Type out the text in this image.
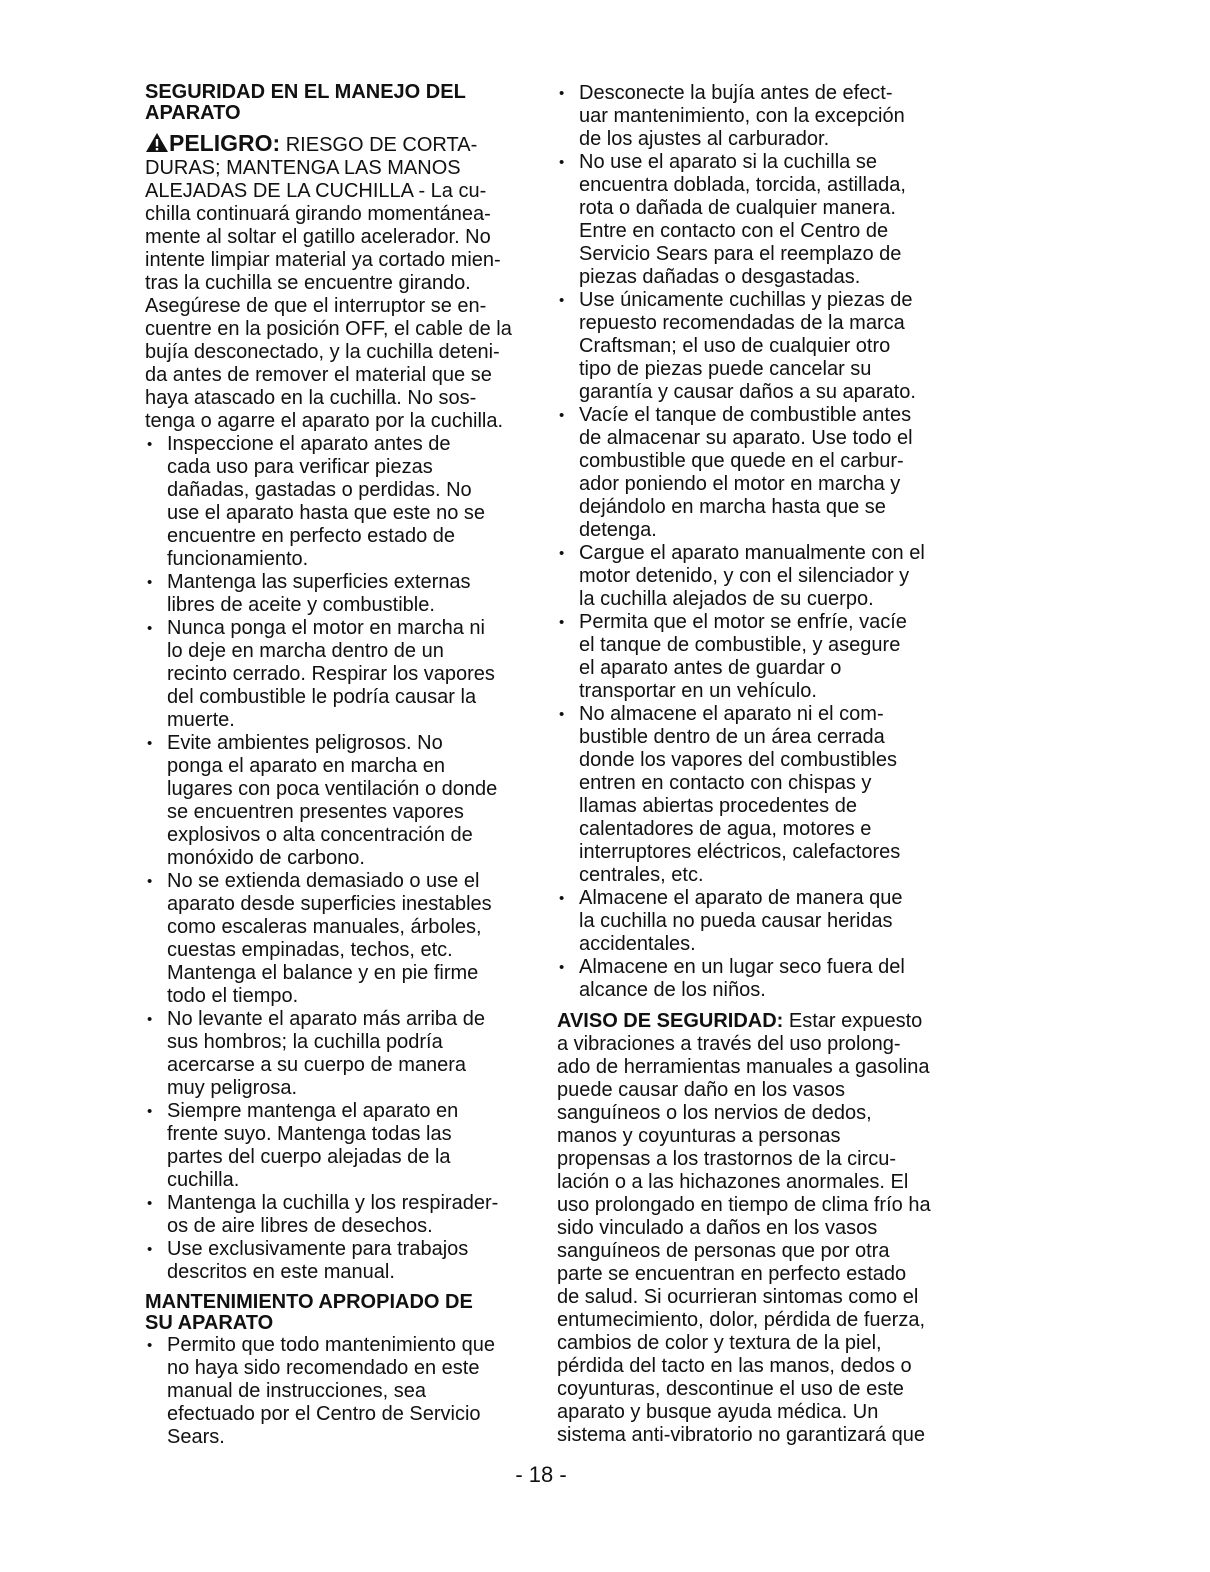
SEGURIDAD EN EL MANEJO DEL
APARATO

PELIGRO: RIESGO DE CORTA-
DURAS; MANTENGA LAS MANOS
ALEJADAS DE LA CUCHILLA - La cu-
chilla continuará girando momentánea-
mente al soltar el gatillo acelerador. No
intente limpiar material ya cortado mien-
tras la cuchilla se encuentre girando.
Asegúrese de que el interruptor se en-
cuentre en la posición OFF, el cable de la
bujía desconectado, y la cuchilla deteni-
da antes de remover el material que se
haya atascado en la cuchilla. No sos-
tenga o agarre el aparato por la cuchilla.

• Inspeccione el aparato antes de
cada uso para verificar piezas
dañadas, gastadas o perdidas. No
use el aparato hasta que este no se
encuentre en perfecto estado de
funcionamiento.
• Mantenga las superficies externas
libres de aceite y combustible.
• Nunca ponga el motor en marcha ni
lo deje en marcha dentro de un
recinto cerrado. Respirar los vapores
del combustible le podría causar la
muerte.
• Evite ambientes peligrosos. No
ponga el aparato en marcha en
lugares con poca ventilación o donde
se encuentren presentes vapores
explosivos o alta concentración de
monóxido de carbono.
• No se extienda demasiado o use el
aparato desde superficies inestables
como escaleras manuales, árboles,
cuestas empinadas, techos, etc.
Mantenga el balance y en pie firme
todo el tiempo.
• No levante el aparato más arriba de
sus hombros; la cuchilla podría
acercarse a su cuerpo de manera
muy peligrosa.
• Siempre mantenga el aparato en
frente suyo. Mantenga todas las
partes del cuerpo alejadas de la
cuchilla.
• Mantenga la cuchilla y los respirader-
os de aire libres de desechos.
• Use exclusivamente para trabajos
descritos en este manual.
MANTENIMIENTO APROPIADO DE
SU APARATO
• Permito que todo mantenimiento que
no haya sido recomendado en este
manual de instrucciones, sea
efectuado por el Centro de Servicio
Sears.
• Desconecte la bujía antes de efect-
uar mantenimiento, con la excepción
de los ajustes al carburador.
• No use el aparato si la cuchilla se
encuentra doblada, torcida, astillada,
rota o dañada de cualquier manera.
Entre en contacto con el Centro de
Servicio Sears para el reemplazo de
piezas dañadas o desgastadas.
• Use únicamente cuchillas y piezas de
repuesto recomendadas de la marca
Craftsman; el uso de cualquier otro
tipo de piezas puede cancelar su
garantía y causar daños a su aparato.
• Vacíe el tanque de combustible antes
de almacenar su aparato. Use todo el
combustible que quede en el carbur-
ador poniendo el motor en marcha y
dejándolo en marcha hasta que se
detenga.
• Cargue el aparato manualmente con el
motor detenido, y con el silenciador y
la cuchilla alejados de su cuerpo.
• Permita que el motor se enfríe, vacíe
el tanque de combustible, y asegure
el aparato antes de guardar o
transportar en un vehículo.
• No almacene el aparato ni el com-
bustible dentro de un área cerrada
donde los vapores del combustibles
entren en contacto con chispas y
llamas abiertas procedentes de
calentadores de agua, motores e
interruptores eléctricos, calefactores
centrales, etc.
• Almacene el aparato de manera que
la cuchilla no pueda causar heridas
accidentales.
• Almacene en un lugar seco fuera del
alcance de los niños.

AVISO DE SEGURIDAD: Estar expuesto
a vibraciones a través del uso prolong-
ado de herramientas manuales a gasolina
puede causar daño en los vasos
sanguíneos o los nervios de dedos,
manos y coyunturas a personas
propensas a los trastornos de la circu-
lación o a las hichazones anormales. El
uso prolongado en tiempo de clima frío ha
sido vinculado a daños en los vasos
sanguíneos de personas que por otra
parte se encuentran en perfecto estado
de salud. Si ocurrieran sintomas como el
entumecimiento, dolor, pérdida de fuerza,
cambios de color y textura de la piel,
pérdida del tacto en las manos, dedos o
coyunturas, descontinue el uso de este
aparato y busque ayuda médica. Un
sistema anti-vibratorio no garantizará que

- 18 -
